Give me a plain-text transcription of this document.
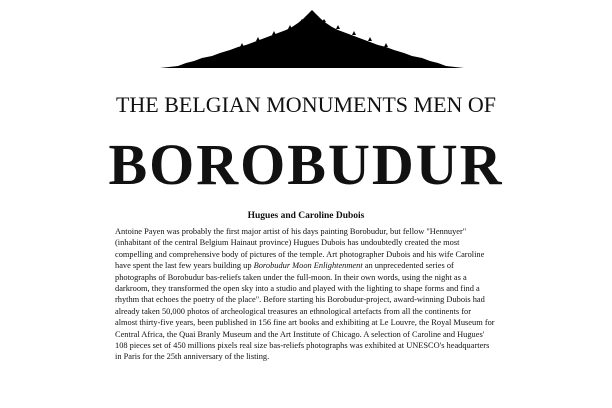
THE BELGIAN MONUMENTS MEN OF
BOROBUDUR
Hugues and Caroline Dubois

Antoine Payen was probably the first major artist of his days painting Borobudur, but fellow "Hennuyer" (inhabitant of the central Belgium Hainaut province) Hugues Dubois has undoubtedly created the most compelling and comprehensive body of pictures of the temple. Art photographer Dubois and his wife Caroline have spent the last few years building up Borobudur Moon Enlightenment an unprecedented series of photographs of Borobudur bas-reliefs taken under the full-moon. In their own words, using the night as a darkroom, they transformed the open sky into a studio and played with the lighting to shape forms and find a rhythm that echoes the poetry of the place". Before starting his Borobudur-project, award-winning Dubois had already taken 50,000 photos of archeological treasures an ethnological artefacts from all the continents for almost thirty-five years, been published in 156 fine art books and exhibiting at Le Louvre, the Royal Museum for Central Africa, the Quai Branly Museum and the Art Institute of Chicago. A selection of Caroline and Hugues' 108 pieces set of 450 millions pixels real size bas-reliefs photographs was exhibited at UNESCO's headquarters in Paris for the 25th anniversary of the listing.
